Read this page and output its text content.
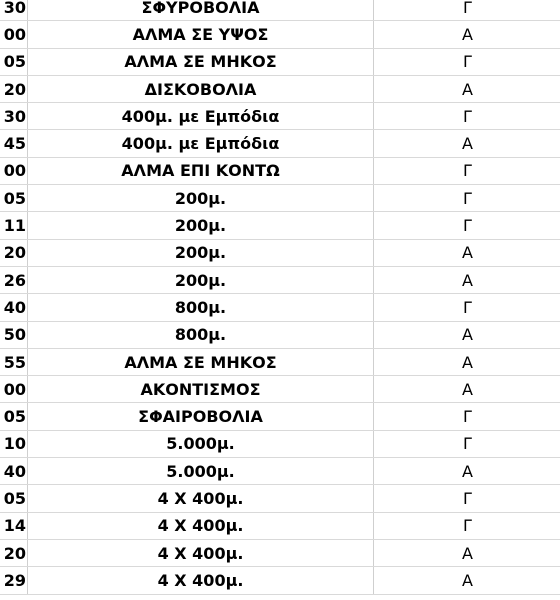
30	ΣΦΥΡΟΒΟΛΙΑ	Γ
00	ΑΛΜΑ ΣΕ ΥΨΟΣ	Α
05	ΑΛΜΑ ΣΕ ΜΗΚΟΣ	Γ
20	ΔΙΣΚΟΒΟΛΙΑ	Α
30	400μ. με Εμπόδια	Γ
45	400μ. με Εμπόδια	Α
00	ΑΛΜΑ ΕΠΙ ΚΟΝΤΩ	Γ
05	200μ.	Γ
11	200μ.	Γ
20	200μ.	Α
26	200μ.	Α
40	800μ.	Γ
50	800μ.	Α
55	ΑΛΜΑ ΣΕ ΜΗΚΟΣ	Α
00	ΑΚΟΝΤΙΣΜΟΣ	Α
05	ΣΦΑΙΡΟΒΟΛΙΑ	Γ
10	5.000μ.	Γ
40	5.000μ.	Α
05	4 Χ 400μ.	Γ
14	4 Χ 400μ.	Γ
20	4 Χ 400μ.	Α
29	4 Χ 400μ.	Α
